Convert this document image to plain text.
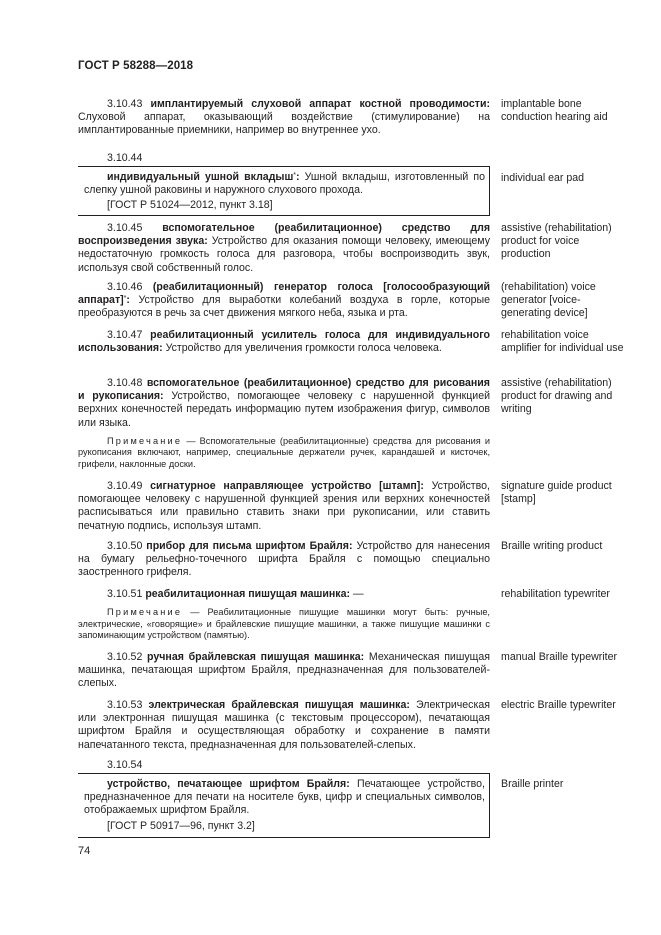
ГОСТ Р 58288—2018

3.10.43 имплантируемый слуховой аппарат костной проводимости: Слуховой аппарат, оказывающий воздействие (стимулирование) на имплантированные приемники, например во внутреннее ухо.

implantable bone conduction hearing aid
3.10.44

индивидуальный ушной вкладыш*: Ушной вкладыш, изготовленный по слепку ушной раковины и наружного слухового прохода.

[ГОСТ Р 51024—2012, пункт 3.18]
individual ear pad

3.10.45 вспомогательное (реабилитационное) средство для воспроизведения звука: Устройство для оказания помощи человеку, имеющему недостаточную громкость голоса для разговора, чтобы воспроизводить звук, используя свой собственный голос.

assistive (rehabilitation) product for voice production

3.10.46 (реабилитационный) генератор голоса [голосообразующий аппарат]*: Устройство для выработки колебаний воздуха в горле, которые преобразуются в речь за счет движения мягкого неба, языка и рта.

(rehabilitation) voice generator [voice-generating device]

3.10.47 реабилитационный усилитель голоса для индивидуального использования: Устройство для увеличения громкости голоса человека.

rehabilitation voice amplifier for individual use

3.10.48 вспомогательное (реабилитационное) средство для рисования и рукописания: Устройство, помогающее человеку с нарушенной функцией верхних конечностей передать информацию путем изображения фигур, символов или языка.

Примечание — Вспомогательные (реабилитационные) средства для рисования и рукописания включают, например, специальные держатели ручек, карандашей и кисточек, грифели, наклонные доски.

assistive (rehabilitation) product for drawing and writing

3.10.49 сигнатурное направляющее устройство [штамп]: Устройство, помогающее человеку с нарушенной функцией зрения или верхних конечностей расписываться или правильно ставить знаки при рукописании, или ставить печатную подпись, используя штамп.

signature guide product [stamp]

3.10.50 прибор для письма шрифтом Брайля: Устройство для нанесения на бумагу рельефно-точечного шрифта Брайля с помощью специально заостренного грифеля.

Braille writing product

3.10.51 реабилитационная пишущая машинка: —

Примечание — Реабилитационные пишущие машинки могут быть: ручные, электрические, «говорящие» и брайлевские пишущие машинки, а также пишущие машинки с запоминающим устройством (памятью).

rehabilitation typewriter

3.10.52 ручная брайлевская пишущая машинка: Механическая пишущая машинка, печатающая шрифтом Брайля, предназначенная для пользователей-слепых.

manual Braille typewriter

3.10.53 электрическая брайлевская пишущая машинка: Электрическая или электронная пишущая машинка (с текстовым процессором), печатающая шрифтом Брайля и осуществляющая обработку и сохранение в памяти напечатанного текста, предназначенная для пользователей-слепых.

electric Braille typewriter
3.10.54

устройство, печатающее шрифтом Брайля: Печатающее устройство, предназначенное для печати на носителе букв, цифр и специальных символов, отображаемых шрифтом Брайля.

[ГОСТ Р 50917—96, пункт 3.2]
Braille printer
74
